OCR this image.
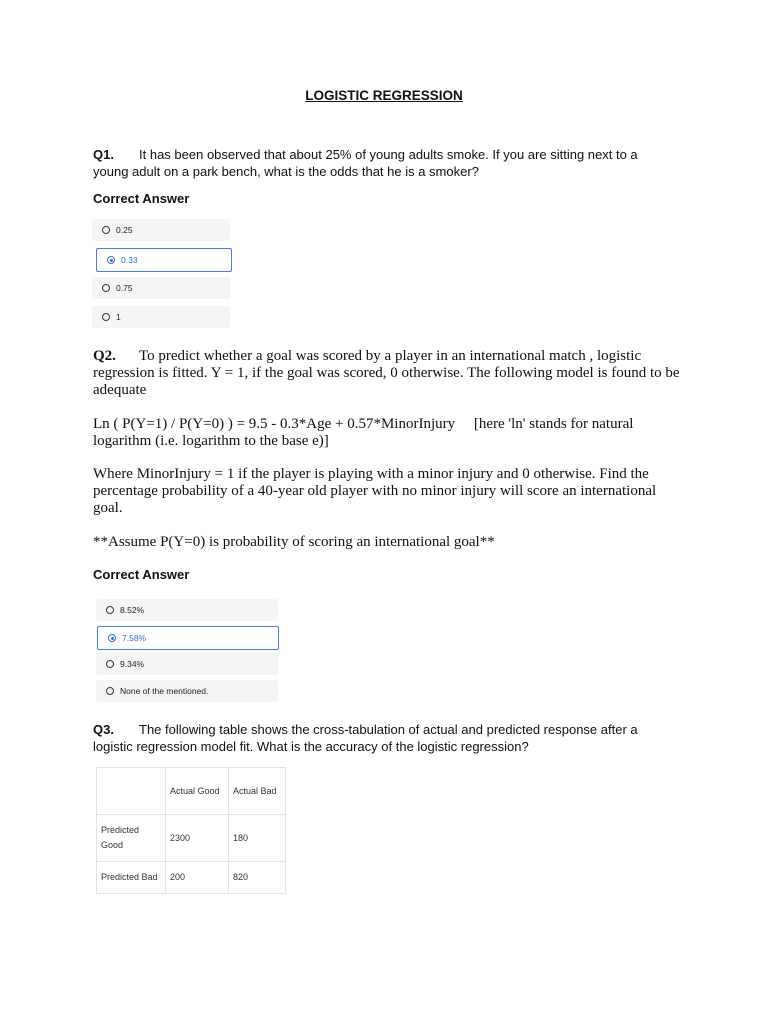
LOGISTIC REGRESSION
Q1. It has been observed that about 25% of young adults smoke. If you are sitting next to a young adult on a park bench, what is the odds that he is a smoker?
Correct Answer
0.25
0.33
0.75
1
Q2. To predict whether a goal was scored by a player in an international match , logistic regression is fitted. Y = 1, if the goal was scored, 0 otherwise. The following model is found to be adequate
Ln ( P(Y=1) / P(Y=0) ) = 9.5 - 0.3*Age + 0.57*MinorInjury     [here 'ln' stands for natural logarithm (i.e. logarithm to the base e)]
Where MinorInjury = 1 if the player is playing with a minor injury and 0 otherwise. Find the percentage probability of a 40-year old player with no minor injury will score an international goal.
**Assume P(Y=0) is probability of scoring an international goal**
Correct Answer
8.52%
7.58%
9.34%
None of the mentioned.
Q3. The following table shows the cross-tabulation of actual and predicted response after a logistic regression model fit. What is the accuracy of the logistic regression?
	Actual Good	Actual Bad
Predicted Good	2300	180
Predicted Bad	200	820
